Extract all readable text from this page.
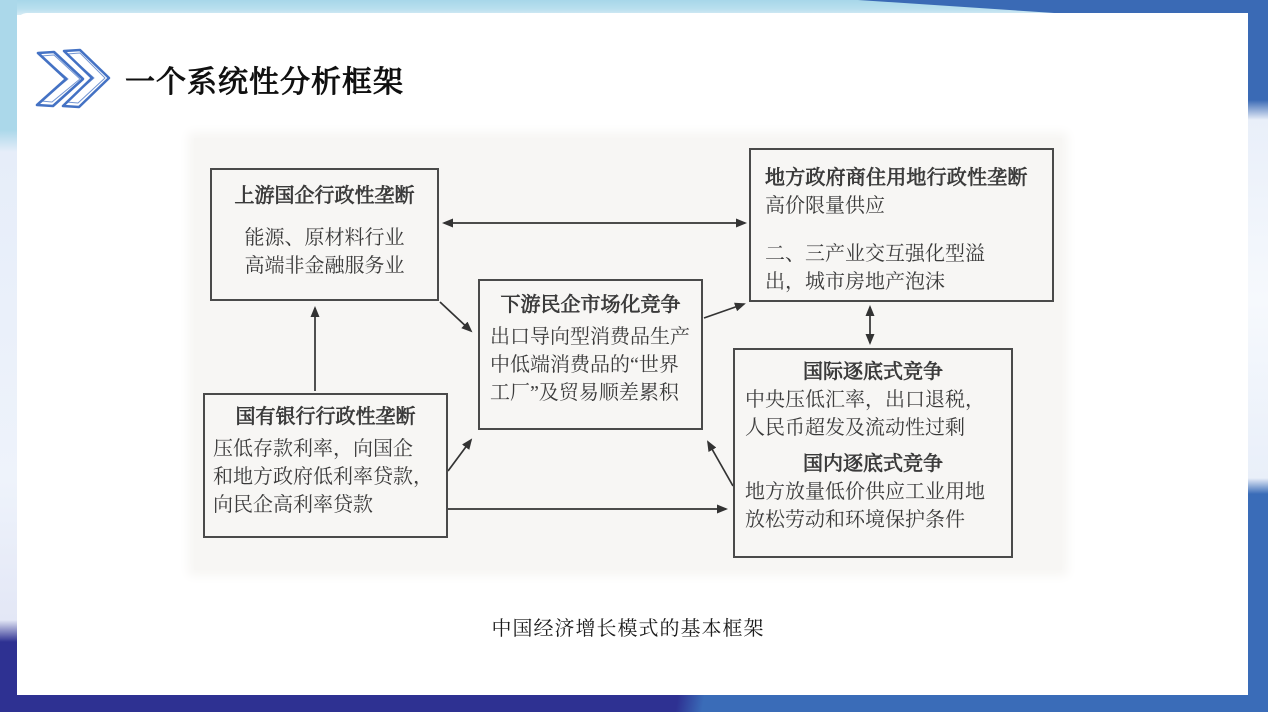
一个系统性分析框架
上游国企行政性垄断
能源、原材料行业
高端非金融服务业
地方政府商住用地行政性垄断
高价限量供应
二、三产业交互强化型溢
出，城市房地产泡沫
下游民企市场化竞争
出口导向型消费品生产
中低端消费品的“世界
工厂”及贸易顺差累积
国有银行行政性垄断
压低存款利率，向国企
和地方政府低利率贷款，
向民企高利率贷款
国际逐底式竞争
中央压低汇率，出口退税，
人民币超发及流动性过剩
国内逐底式竞争
地方放量低价供应工业用地
放松劳动和环境保护条件
中国经济增长模式的基本框架
